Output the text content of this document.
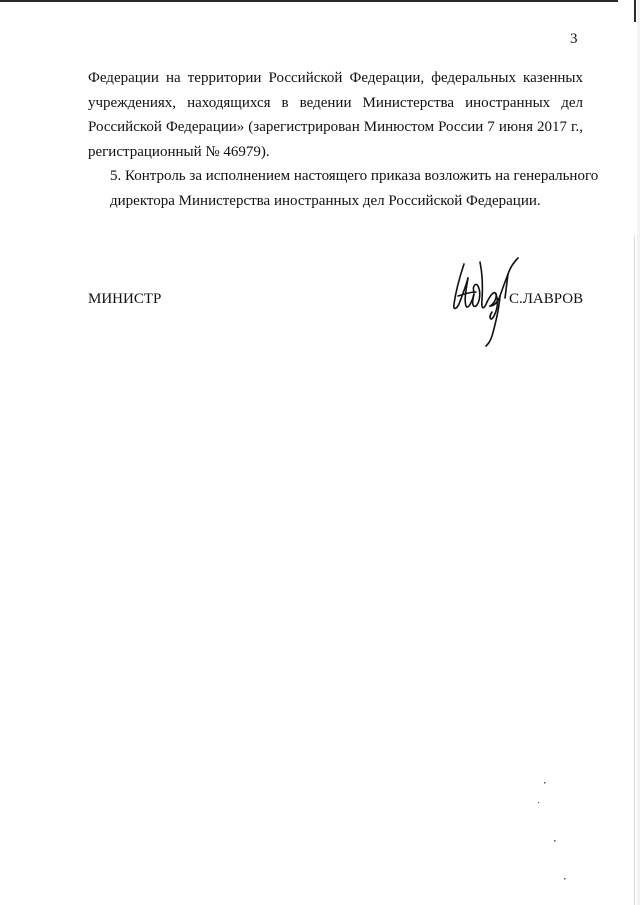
3

Федерации на территории Российской Федерации, федеральных казенных
учреждениях, находящихся в ведении Министерства иностранных дел
Российской Федерации» (зарегистрирован Минюстом России 7 июня 2017 г.,
регистрационный № 46979).

5. Контроль за исполнением настоящего приказа возложить на генерального
директора Министерства иностранных дел Российской Федерации.

МИНИСТР	С.ЛАВРОВ
